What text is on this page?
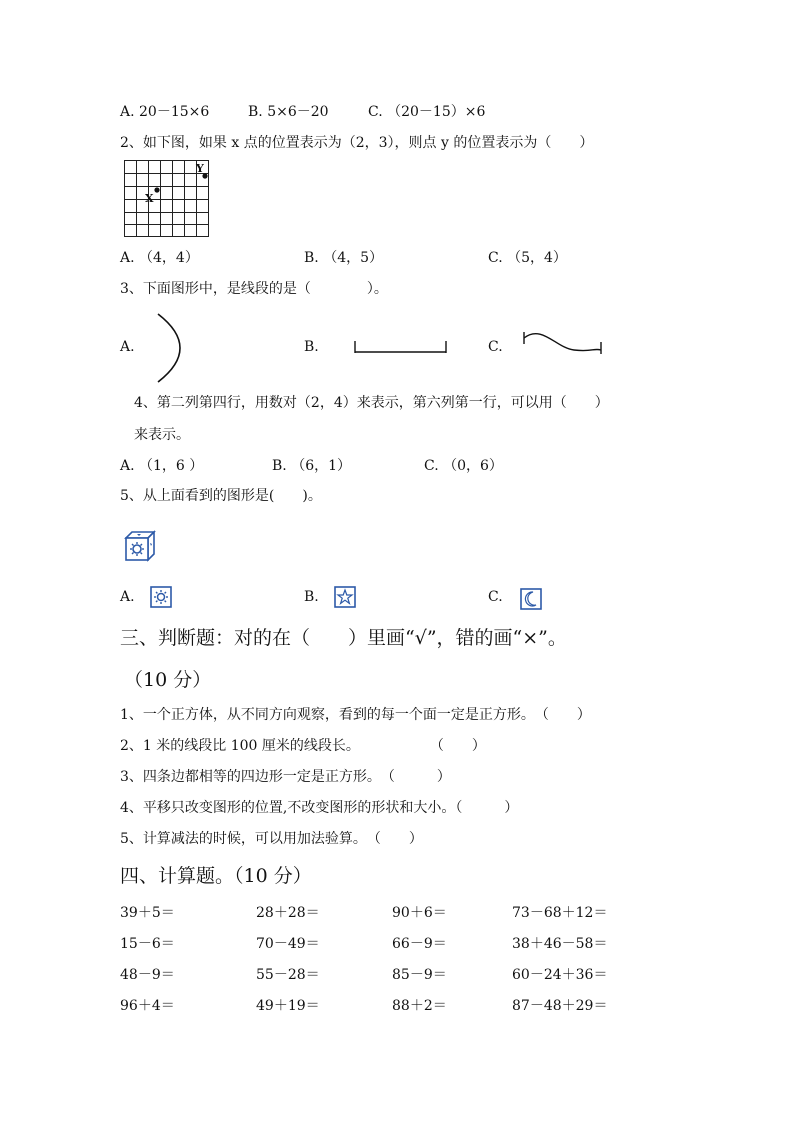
A. 20－15×6	B. 5×6－20	C. （20－15）×6
2、如下图，如果 x 点的位置表示为（2，3），则点 y 的位置表示为（　　）
X
Y
A. （4，4）	B. （4，5）	C. （5，4）
3、下面图形中，是线段的是（　　　　）。
A.	B.	C.
4、第二列第四行，用数对（2，4）来表示，第六列第一行，可以用（　　）
来表示。
A. （1，6 ）	B. （6，1）	C. （0，6）
5、从上面看到的图形是(　　)。
A.	B.	C.
三、判断题：对的在（　　）里画“√”，错的画“×”。
（10 分）
1、一个正方体，从不同方向观察，看到的每一个面一定是正方形。　（　　）
2、1 米的线段比 100 厘米的线段长。　　　　　　（　　）
3、四条边都相等的四边形一定是正方形。　（　　　）
4、平移只改变图形的位置,不改变图形的形状和大小。（　　　）
5、计算减法的时候，可以用加法验算。　（　　）
四、计算题。（10 分）
39＋5＝	28＋28＝	90＋6＝	73－68＋12＝
15－6＝	70－49＝	66－9＝	38＋46－58＝
48－9＝	55－28＝	85－9＝	60－24＋36＝
96＋4＝	49＋19＝	88＋2＝	87－48＋29＝
